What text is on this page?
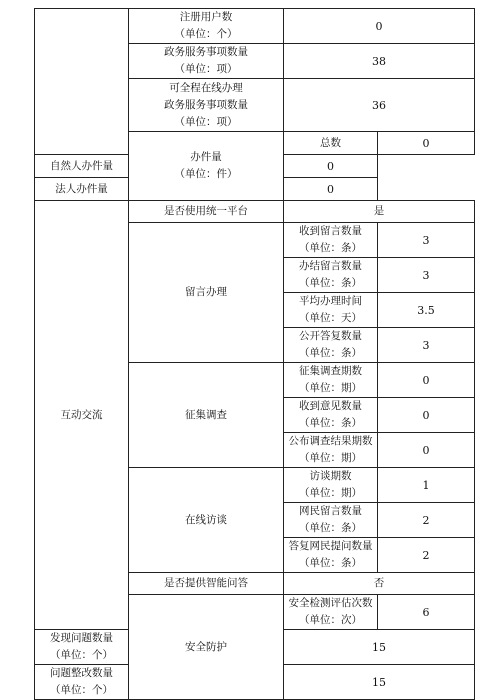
	注册用户数
（单位：个）	0	
	政务服务事项数量
（单位：项）	38	
	可全程在线办理
政务服务事项数量
（单位：项）	36	
	办件量
（单位：件）	总数	0
自然人办件量		0	
法人办件量		0	
互动交流	是否使用统一平台	是	
	留言办理	收到留言数量
（单位：条）	3
		办结留言数量
（单位：条）	3
		平均办理时间
（单位：天）	3.5
		公开答复数量
（单位：条）	3
	征集调查	征集调查期数
（单位：期）	0
		收到意见数量
（单位：条）	0
		公布调查结果期数
（单位：期）	0
	在线访谈	访谈期数
（单位：期）	1
		网民留言数量
（单位：条）	2
		答复网民提问数量
（单位：条）	2
	是否提供智能问答	否	
	安全防护	安全检测评估次数
（单位：次）	6
发现问题数量
（单位：个）		15	
问题整改数量
（单位：个）		15	
